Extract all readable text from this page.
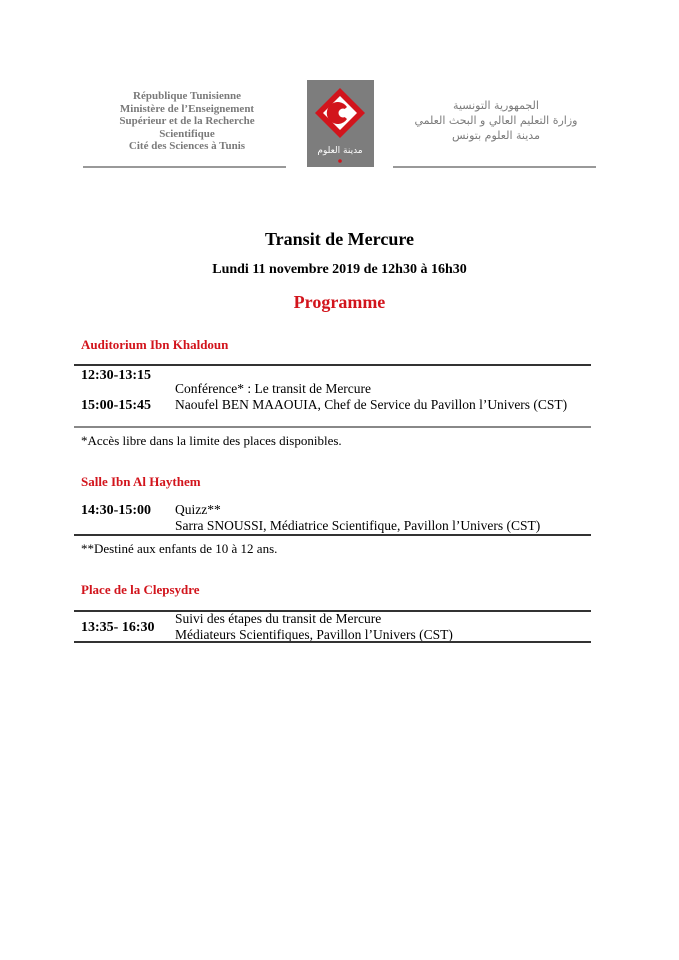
République Tunisienne
Ministère de l’Enseignement
Supérieur et de la Recherche
Scientifique
Cité des Sciences à Tunis	مدينة العلوم
الجمهورية التونسية
وزارة التعليم العالي و البحث العلمي
مدينة العلوم بتونس
Transit de Mercure
Lundi 11 novembre 2019 de 12h30 à 16h30
Programme
Auditorium Ibn Khaldoun
12:30-13:15
15:00-15:45
Conférence* : Le transit de Mercure
Naoufel BEN MAAOUIA, Chef de Service du Pavillon l’Univers (CST)
*Accès libre dans la limite des places disponibles.
Salle Ibn Al Haythem
14:30-15:00 Quizz**
Sarra SNOUSSI, Médiatrice Scientifique, Pavillon l’Univers (CST)
**Destiné aux enfants de 10 à 12 ans.
Place de la Clepsydre
13:35- 16:30
Suivi des étapes du transit de Mercure
Médiateurs Scientifiques, Pavillon l’Univers (CST)
